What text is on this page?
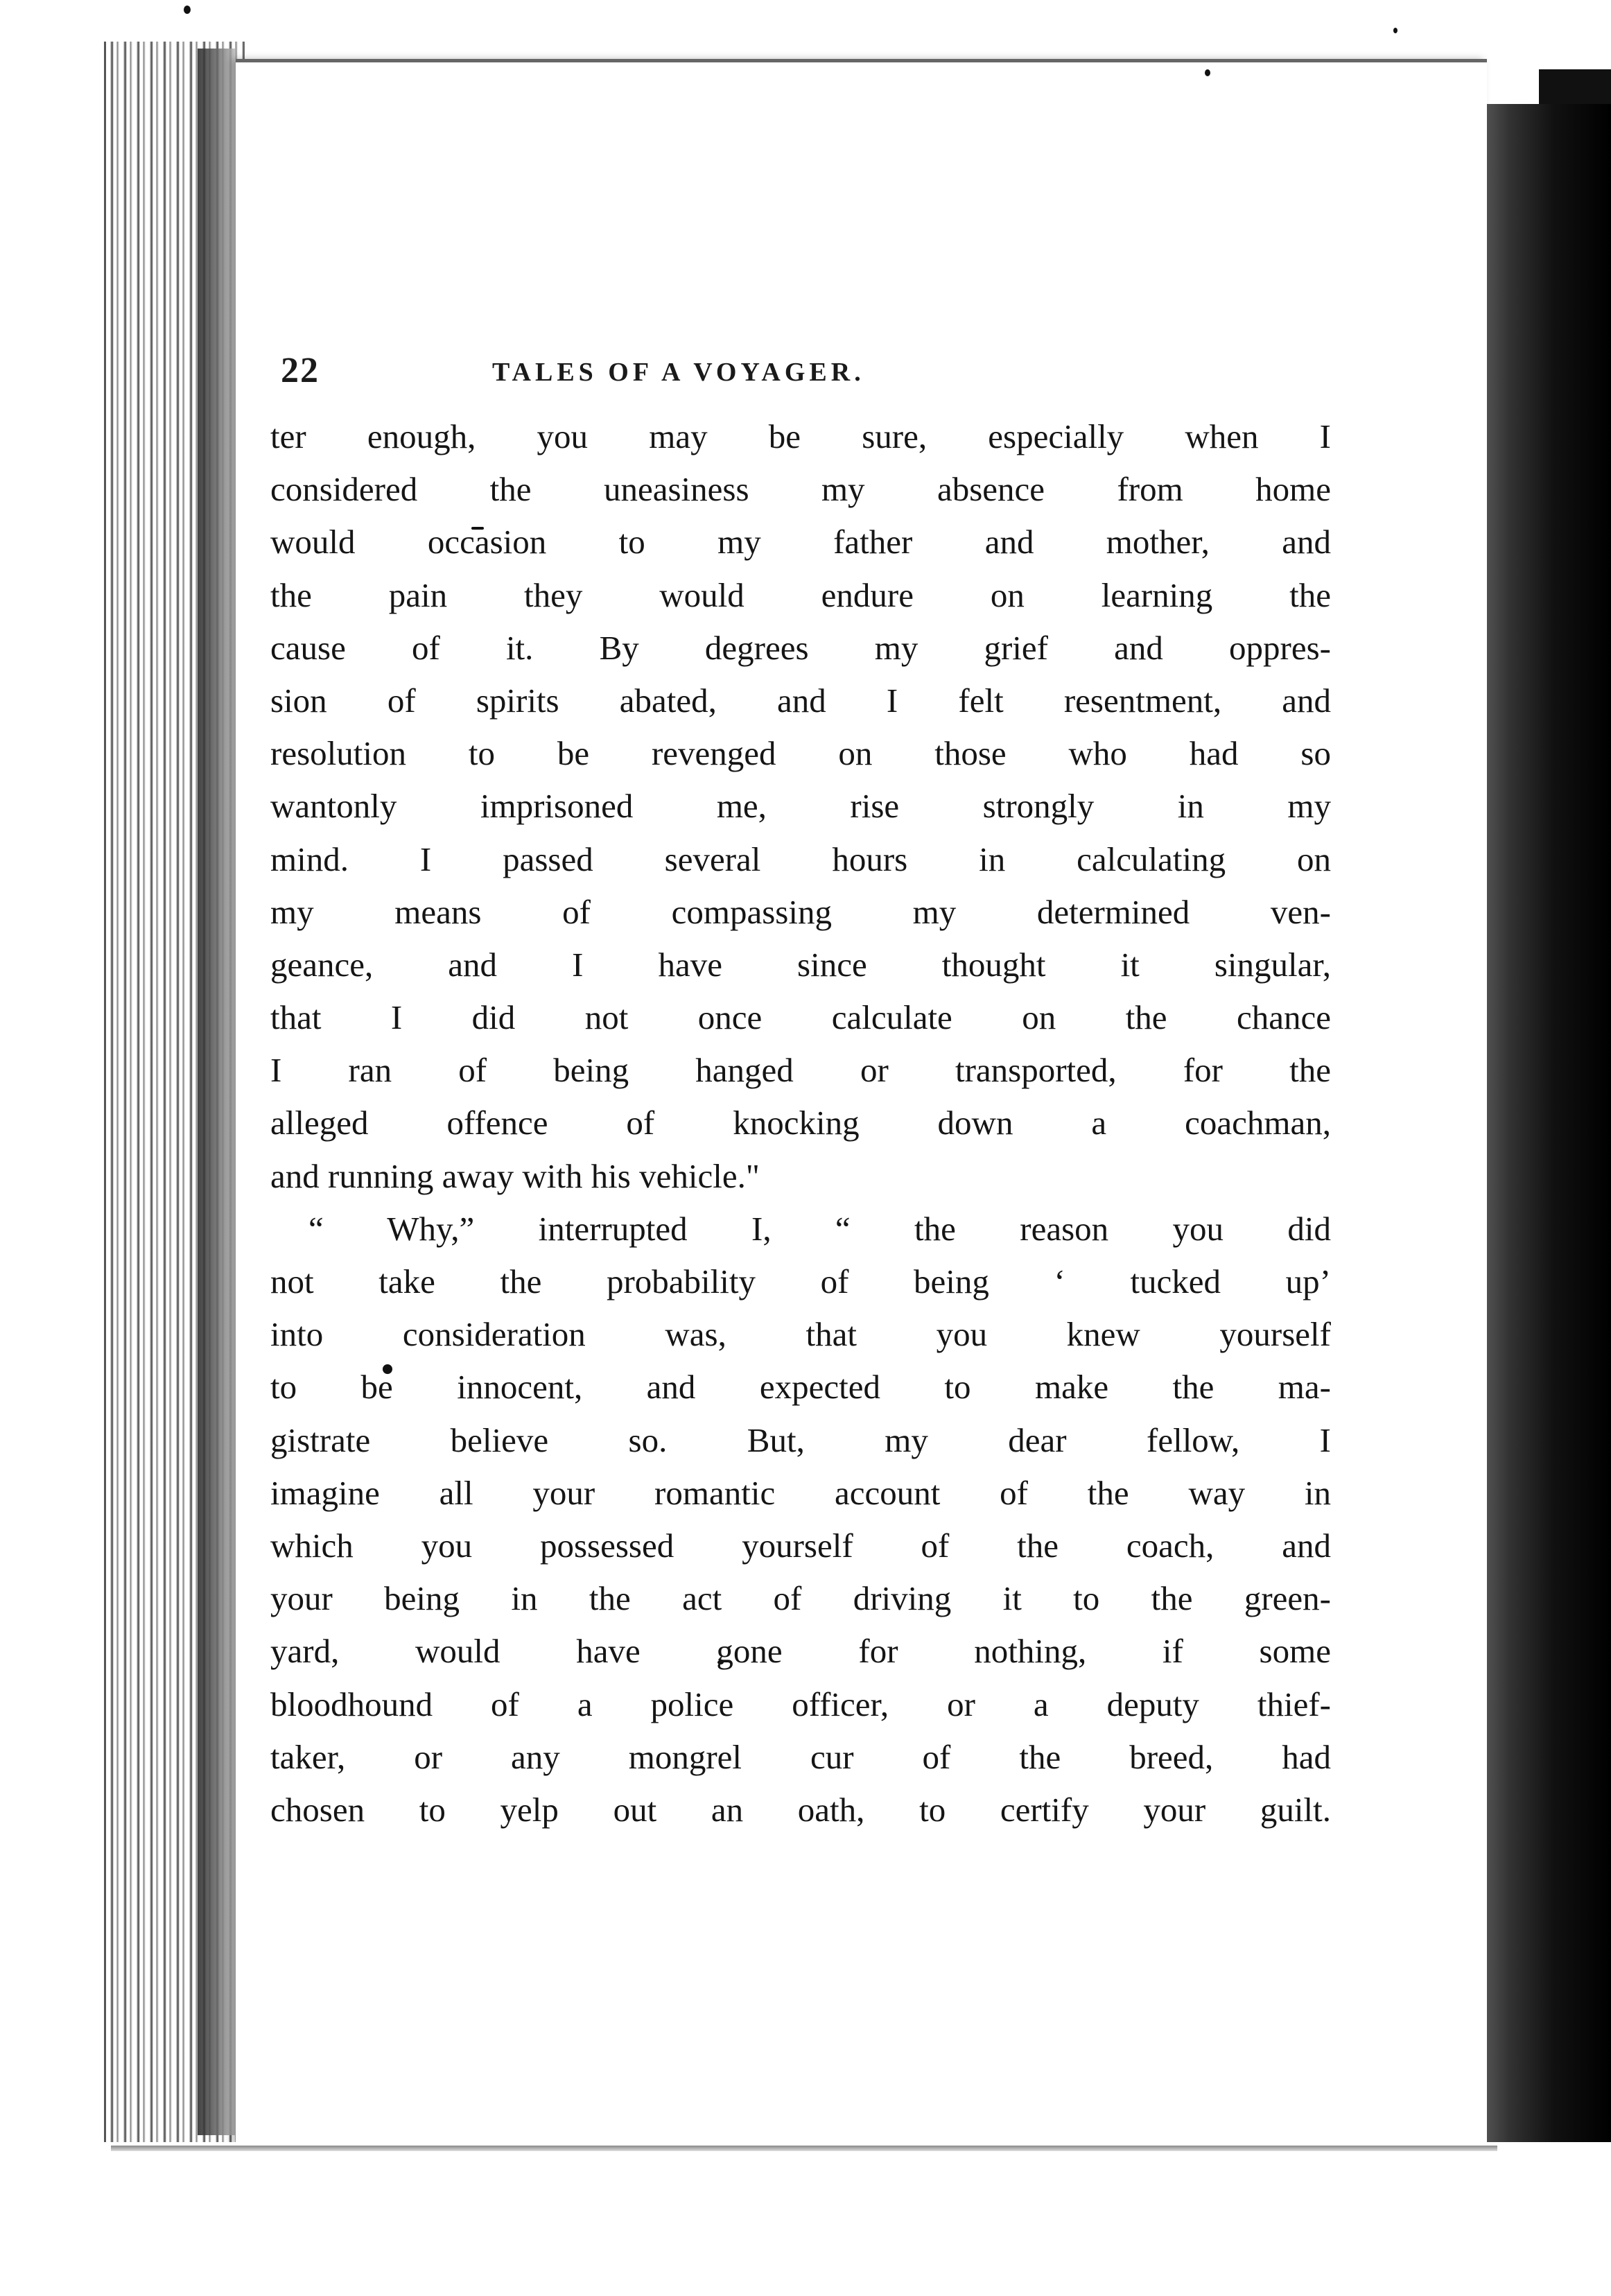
22	TALES OF A VOYAGER.
ter enough, you may be sure, especially when I
considered the uneasiness my absence from home
would occasion to my father and mother, and
the pain they would endure on learning the
cause of it. By degrees my grief and oppres-
sion of spirits abated, and I felt resentment, and
resolution to be revenged on those who had so
wantonly imprisoned me, rise strongly in my
mind. I passed several hours in calculating on
my means of compassing my determined ven-
geance, and I have since thought it singular,
that I did not once calculate on the chance
I ran of being hanged or transported, for the
alleged offence of knocking down a coachman,
and running away with his vehicle."
“ Why,” interrupted I, “ the reason you did
not take the probability of being ‘ tucked up’
into consideration was, that you knew yourself
to be innocent, and expected to make the ma-
gistrate believe so. But, my dear fellow, I
imagine all your romantic account of the way in
which you possessed yourself of the coach, and
your being in the act of driving it to the green-
yard, would have gone for nothing, if some
bloodhound of a police officer, or a deputy thief-
taker, or any mongrel cur of the breed, had
chosen to yelp out an oath, to certify your guilt.
